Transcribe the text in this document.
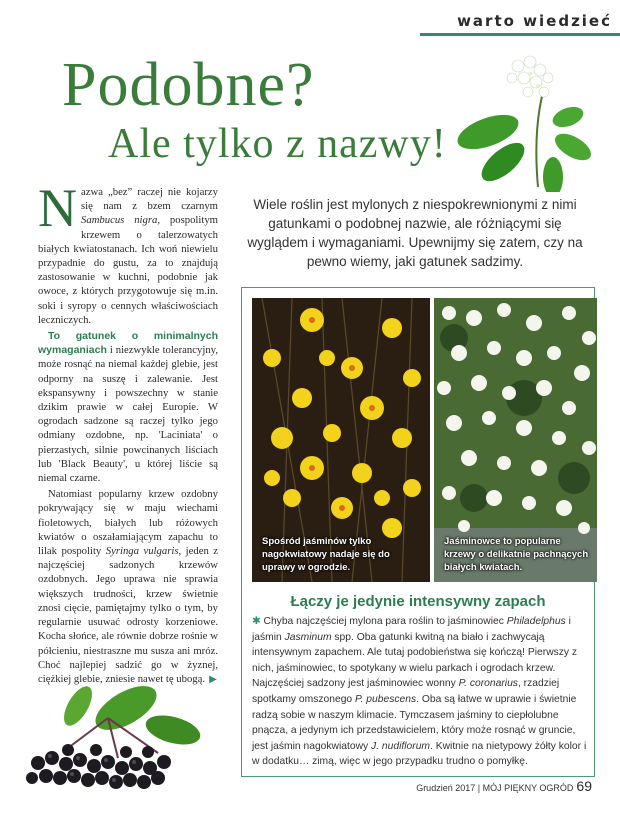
warto wiedzieć
Podobne?
Ale tylko z nazwy!

Nazwa „bez” raczej nie kojarzy się nam z bzem czarnym Sambucus nigra, pospolitym krzewem o talerzowatych białych kwiatostanach. Ich woń niewielu przypadnie do gustu, za to znajdują zastosowanie w kuchni, podobnie jak owoce, z których przygotowuje się m.in. soki i syropy o cennych właściwościach leczniczych.

To gatunek o minimalnych wymaganiach i niezwykle tolerancyjny, może rosnąć na niemal każdej glebie, jest odporny na suszę i zalewanie. Jest ekspansywny i powszechny w stanie dzikim prawie w całej Europie. W ogrodach sadzone są raczej tylko jego odmiany ozdobne, np. 'Laciniata' o pierzastych, silnie powcinanych liściach lub 'Black Beauty', u której liście są niemal czarne.

Natomiast popularny krzew ozdobny pokrywający się w maju wiechami fioletowych, białych lub różowych kwiatów o oszałamiającym zapachu to lilak pospolity Syringa vulgaris, jeden z najczęściej sadzonych krzewów ozdobnych. Jego uprawa nie sprawia większych trudności, krzew świetnie znosi cięcie, pamiętajmy tylko o tym, by regularnie usuwać odrosty korzeniowe. Kocha słońce, ale równie dobrze rośnie w półcieniu, niestraszne mu susza ani mróz. Choć najlepiej sadzić go w żyznej, ciężkiej glebie, zniesie nawet tę ubogą. ▶

Wiele roślin jest mylonych z niespokrewnionymi z nimi gatunkami o podobnej nazwie, ale różniącymi się wyglądem i wymaganiami. Upewnijmy się zatem, czy na pewno wiemy, jaki gatunek sadzimy.
Spośród jaśminów tylko nagokwiatowy nadaje się do uprawy w ogrodzie.
Jaśminowce to popularne krzewy o delikatnie pachnących białych kwiatach.
Łączy je jedynie intensywny zapach
✱ Chyba najczęściej mylona para roślin to jaśminowiec Philadelphus i jaśmin Jasminum spp. Oba gatunki kwitną na biało i zachwycają intensywnym zapachem. Ale tutaj podobieństwa się kończą! Pierwszy z nich, jaśminowiec, to spotykany w wielu parkach i ogrodach krzew. Najczęściej sadzony jest jaśminowiec wonny P. coronarius, rzadziej spotkamy omszonego P. pubescens. Oba są łatwe w uprawie i świetnie radzą sobie w naszym klimacie. Tymczasem jaśminy to ciepłolubne pnącza, a jedynym ich przedstawicielem, który może rosnąć w gruncie, jest jaśmin nagokwiatowy J. nudiflorum. Kwitnie na nietypowy żółty kolor i w dodatku… zimą, więc w jego przypadku trudno o pomyłkę.
Grudzień 2017 | MÓJ PIĘKNY OGRÓD 69
